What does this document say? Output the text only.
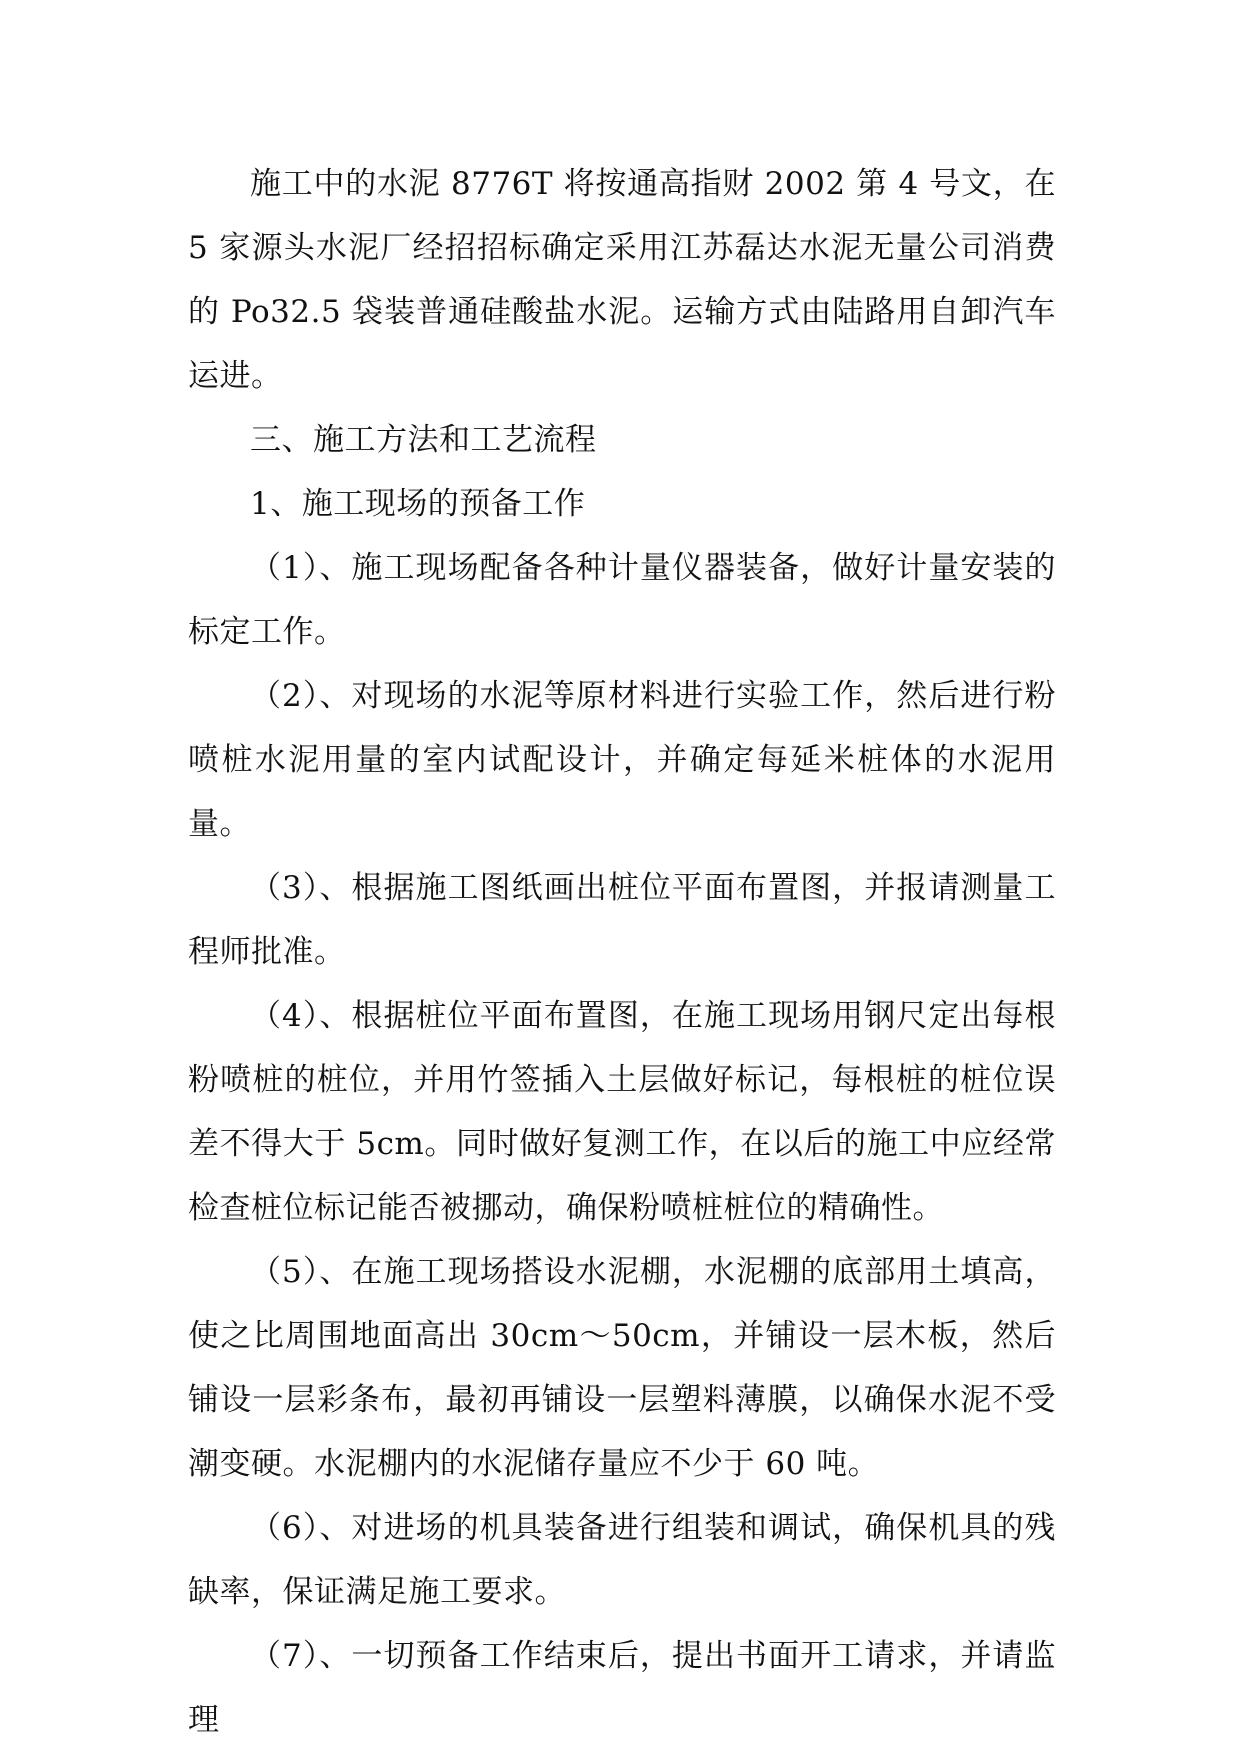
施工中的水泥 8776T 将按通高指财 2002 第 4 号文，在 5 家源头水泥厂经招招标确定采用江苏磊达水泥无量公司消费的 Po32.5 袋装普通硅酸盐水泥。运输方式由陆路用自卸汽车运进。

三、施工方法和工艺流程

1、施工现场的预备工作

（1）、施工现场配备各种计量仪器装备，做好计量安装的标定工作。

（2）、对现场的水泥等原材料进行实验工作，然后进行粉喷桩水泥用量的室内试配设计，并确定每延米桩体的水泥用量。

（3）、根据施工图纸画出桩位平面布置图，并报请测量工程师批准。

（4）、根据桩位平面布置图，在施工现场用钢尺定出每根粉喷桩的桩位，并用竹签插入土层做好标记，每根桩的桩位误差不得大于 5cm。同时做好复测工作，在以后的施工中应经常检查桩位标记能否被挪动，确保粉喷桩桩位的精确性。

（5）、在施工现场搭设水泥棚，水泥棚的底部用土填高，使之比周围地面高出 30cm～50cm，并铺设一层木板，然后铺设一层彩条布，最初再铺设一层塑料薄膜，以确保水泥不受潮变硬。水泥棚内的水泥储存量应不少于 60 吨。

（6）、对进场的机具装备进行组装和调试，确保机具的残缺率，保证满足施工要求。

（7）、一切预备工作结束后，提出书面开工请求，并请监理
